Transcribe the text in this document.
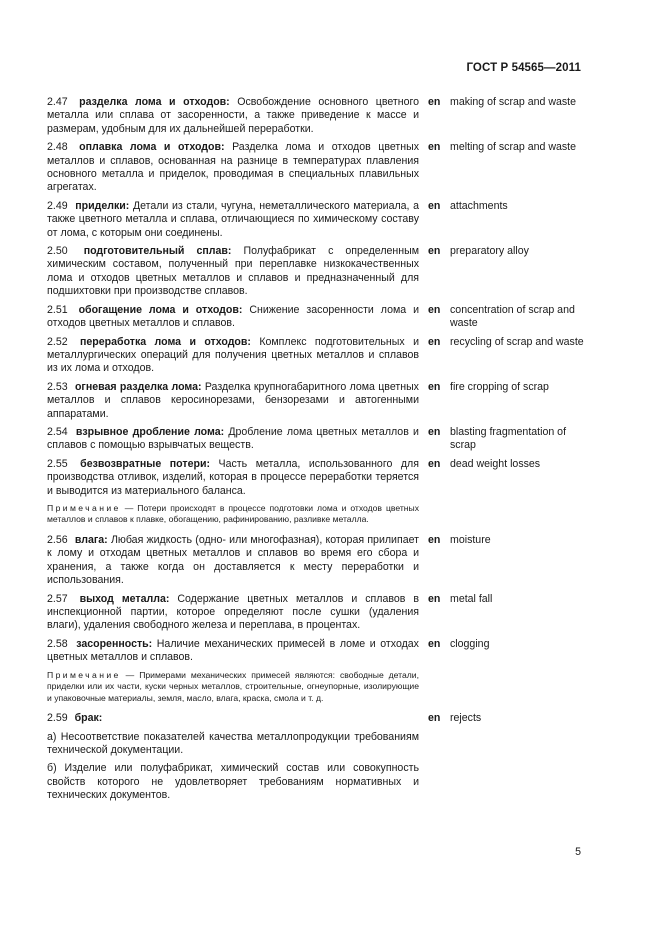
ГОСТ Р 54565—2011
2.47 разделка лома и отходов: Освобождение основного цветного металла или сплава от засоренности, а также приведение к массе и размерам, удобным для их дальнейшей переработки.
en making of scrap and waste
2.48 оплавка лома и отходов: Разделка лома и отходов цветных металлов и сплавов, основанная на разнице в температурах плавления основного металла и приделок, проводимая в специальных плавильных агрегатах.
en melting of scrap and waste
2.49 приделки: Детали из стали, чугуна, неметаллического материала, а также цветного металла и сплава, отличающиеся по химическому составу от лома, с которым они соединены.
en attachments
2.50 подготовительный сплав: Полуфабрикат с определенным химическим составом, полученный при переплавке низкокачественных лома и отходов цветных металлов и сплавов и предназначенный для подшихтовки при производстве сплавов.
en preparatory alloy
2.51 обогащение лома и отходов: Снижение засоренности лома и отходов цветных металлов и сплавов.
en concentration of scrap and waste
2.52 переработка лома и отходов: Комплекс подготовительных и металлургических операций для получения цветных металлов и сплавов из их лома и отходов.
en recycling of scrap and waste
2.53 огневая разделка лома: Разделка крупногабаритного лома цветных металлов и сплавов керосинорезами, бензорезами и автогенными аппаратами.
en fire cropping of scrap
2.54 взрывное дробление лома: Дробление лома цветных металлов и сплавов с помощью взрывчатых веществ.
en blasting fragmentation of scrap
2.55 безвозвратные потери: Часть металла, использованного для производства отливок, изделий, которая в процессе переработки теряется и выводится из материального баланса.
en dead weight losses
Примечание — Потери происходят в процессе подготовки лома и отходов цветных металлов и сплавов к плавке, обогащению, рафинированию, разливке металла.
2.56 влага: Любая жидкость (одно- или многофазная), которая прилипает к лому и отходам цветных металлов и сплавов во время его сбора и хранения, а также когда он доставляется к месту переработки и использования.
en moisture
2.57 выход металла: Содержание цветных металлов и сплавов в инспекционной партии, которое определяют после сушки (удаления влаги), удаления свободного железа и переплава, в процентах.
en metal fall
2.58 засоренность: Наличие механических примесей в ломе и отходах цветных металлов и сплавов.
en clogging
Примечание — Примерами механических примесей являются: свободные детали, приделки или их части, куски черных металлов, строительные, огнеупорные, изолирующие и упаковочные материалы, земля, масло, влага, краска, смола и т. д.
2.59 брак:	en rejects
а) Несоответствие показателей качества металлопродукции требованиям технической документации.
б) Изделие или полуфабрикат, химический состав или совокупность свойств которого не удовлетворяет требованиям нормативных и технических документов.
5
